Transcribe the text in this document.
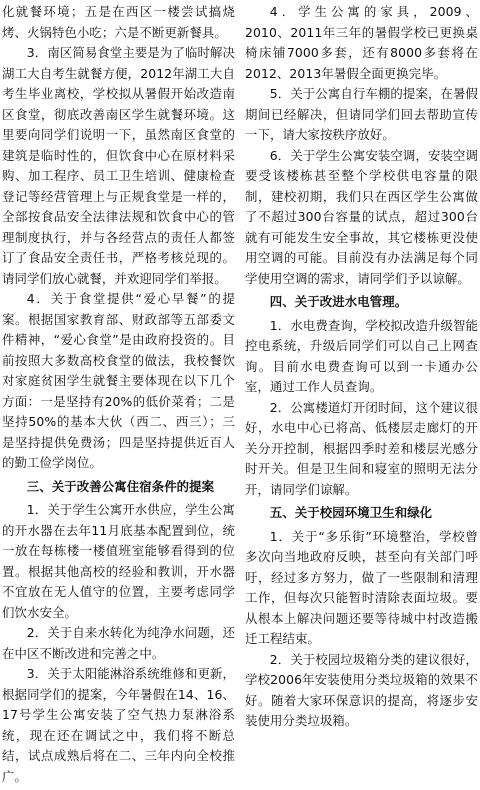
化就餐环境；五是在西区一楼尝试搞烧烤、火锅特色小吃；六是不断更新餐具。

3．南区简易食堂主要是为了临时解决湖工大自考生就餐方便，2012年湖工大自考生毕业离校，学校拟从暑假开始改造南区食堂，彻底改善南区学生就餐环境。这里要向同学们说明一下，虽然南区食堂的建筑是临时性的，但饮食中心在原材料采购、加工程序、员工卫生培训、健康检查登记等经营管理上与正规食堂是一样的，全部按食品安全法律法规和饮食中心的管理制度执行，并与各经营点的责任人都签订了食品安全责任书，严格考核兑现的。请同学们放心就餐，并欢迎同学们举报。

4．关于食堂提供“爱心早餐”的提案。根据国家教育部、财政部等五部委文件精神，“爱心食堂”是由政府投资的。目前按照大多数高校食堂的做法，我校餐饮对家庭贫困学生就餐主要体现在以下几个方面：一是坚持有20%的低价菜肴；二是坚持50%的基本大伙（西二、西三）；三是坚持提供免费汤；四是坚持提供近百人的勤工俭学岗位。

三、关于改善公寓住宿条件的提案

1．关于学生公寓开水供应，学生公寓的开水器在去年11月底基本配置到位，统一放在每栋楼一楼值班室能够看得到的位置。根据其他高校的经验和教训，开水器不宜放在无人值守的位置，主要考虑同学们饮水安全。

2．关于自来水转化为纯净水问题，还在中区不断改进和完善之中。

3．关于太阳能淋浴系统维修和更新，根据同学们的提案，今年暑假在14、16、17号学生公寓安装了空气热力泵淋浴系统，现在还在调试之中，我们将不断总结，试点成熟后将在二、三年内向全校推广。

4．学生公寓的家具，2009、2010、2011年三年的暑假学校已更换桌椅床铺7000多套，还有8000多套将在2012、2013年暑假全面更换完毕。

5．关于公寓自行车棚的提案，在暑假期间已经解决，但请同学们回去帮助宣传一下，请大家按秩序放好。

6．关于学生公寓安装空调，安装空调要受该楼栋甚至整个学校供电容量的限制，建校初期，我们只在西区学生公寓做了不超过300台容量的试点，超过300台就有可能发生安全事故，其它楼栋更没使用空调的可能。目前没有办法满足每个同学使用空调的需求，请同学们予以谅解。

四、关于改进水电管理。

1．水电费查询，学校拟改造升级智能控电系统，升级后同学们可以自己上网查询。目前水电费查询可以到一卡通办公室，通过工作人员查询。

2．公寓楼道灯开闭时间，这个建议很好，水电中心已将高、低楼层走廊灯的开关分开控制，根据四季时差和楼层光感分时开关。但是卫生间和寝室的照明无法分开，请同学们谅解。

五、关于校园环境卫生和绿化

1．关于“多乐街”环境整治，学校曾多次向当地政府反映，甚至向有关部门呼吁，经过多方努力，做了一些限制和清理工作，但每次只能暂时清除表面垃圾。要从根本上解决问题还要等待城中村改造搬迁工程结束。

2．关于校园垃圾箱分类的建议很好，学校2006年安装使用分类垃圾箱的效果不好。随着大家环保意识的提高，将逐步安装使用分类垃圾箱。
